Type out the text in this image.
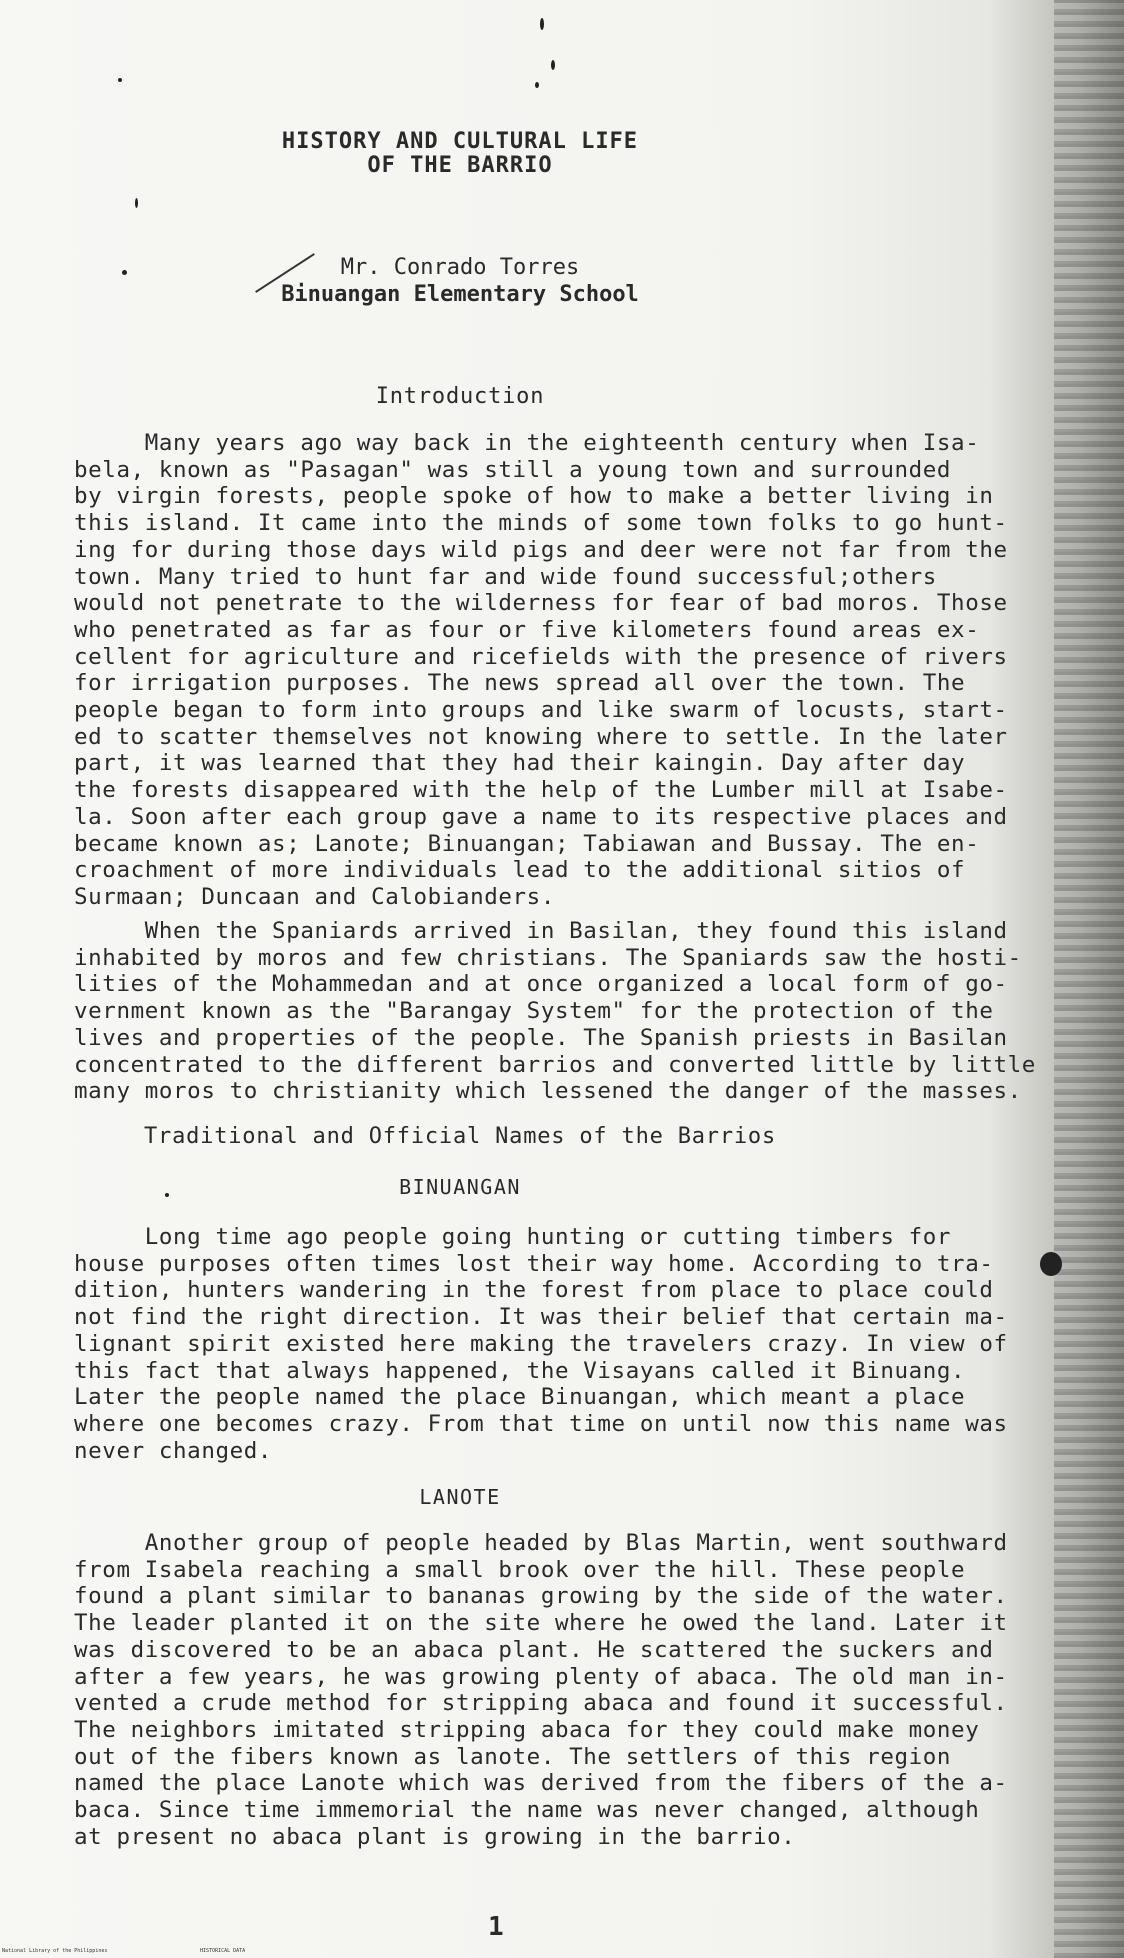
HISTORY AND CULTURAL LIFE
OF THE BARRIO
Mr. Conrado Torres
Binuangan Elementary School
Introduction
Many years ago way back in the eighteenth century when Isa-
bela, known as "Pasagan" was still a young town and surrounded
by virgin forests, people spoke of how to make a better living in
this island. It came into the minds of some town folks to go hunt-
ing for during those days wild pigs and deer were not far from the
town. Many tried to hunt far and wide found successful;others
would not penetrate to the wilderness for fear of bad moros. Those
who penetrated as far as four or five kilometers found areas ex-
cellent for agriculture and ricefields with the presence of rivers
for irrigation purposes. The news spread all over the town. The
people began to form into groups and like swarm of locusts, start-
ed to scatter themselves not knowing where to settle. In the later
part, it was learned that they had their kaingin. Day after day
the forests disappeared with the help of the Lumber mill at Isabe-
la. Soon after each group gave a name to its respective places and
became known as; Lanote; Binuangan; Tabiawan and Bussay. The en-
croachment of more individuals lead to the additional sitios of
Surmaan; Duncaan and Calobianders.
When the Spaniards arrived in Basilan, they found this island
inhabited by moros and few christians. The Spaniards saw the hosti-
lities of the Mohammedan and at once organized a local form of go-
vernment known as the "Barangay System" for the protection of the
lives and properties of the people. The Spanish priests in Basilan
concentrated to the different barrios and converted little by little
many moros to christianity which lessened the danger of the masses.
Traditional and Official Names of the Barrios
BINUANGAN
Long time ago people going hunting or cutting timbers for
house purposes often times lost their way home. According to tra-
dition, hunters wandering in the forest from place to place could
not find the right direction. It was their belief that certain ma-
lignant spirit existed here making the travelers crazy. In view of
this fact that always happened, the Visayans called it Binuang.
Later the people named the place Binuangan, which meant a place
where one becomes crazy. From that time on until now this name was
never changed.
LANOTE
Another group of people headed by Blas Martin, went southward
from Isabela reaching a small brook over the hill. These people
found a plant similar to bananas growing by the side of the water.
The leader planted it on the site where he owed the land. Later it
was discovered to be an abaca plant. He scattered the suckers and
after a few years, he was growing plenty of abaca. The old man in-
vented a crude method for stripping abaca and found it successful.
The neighbors imitated stripping abaca for they could make money
out of the fibers known as lanote. The settlers of this region
named the place Lanote which was derived from the fibers of the a-
baca. Since time immemorial the name was never changed, although
at present no abaca plant is growing in the barrio.
1
National Library of the Philippines	HISTORICAL DATA
